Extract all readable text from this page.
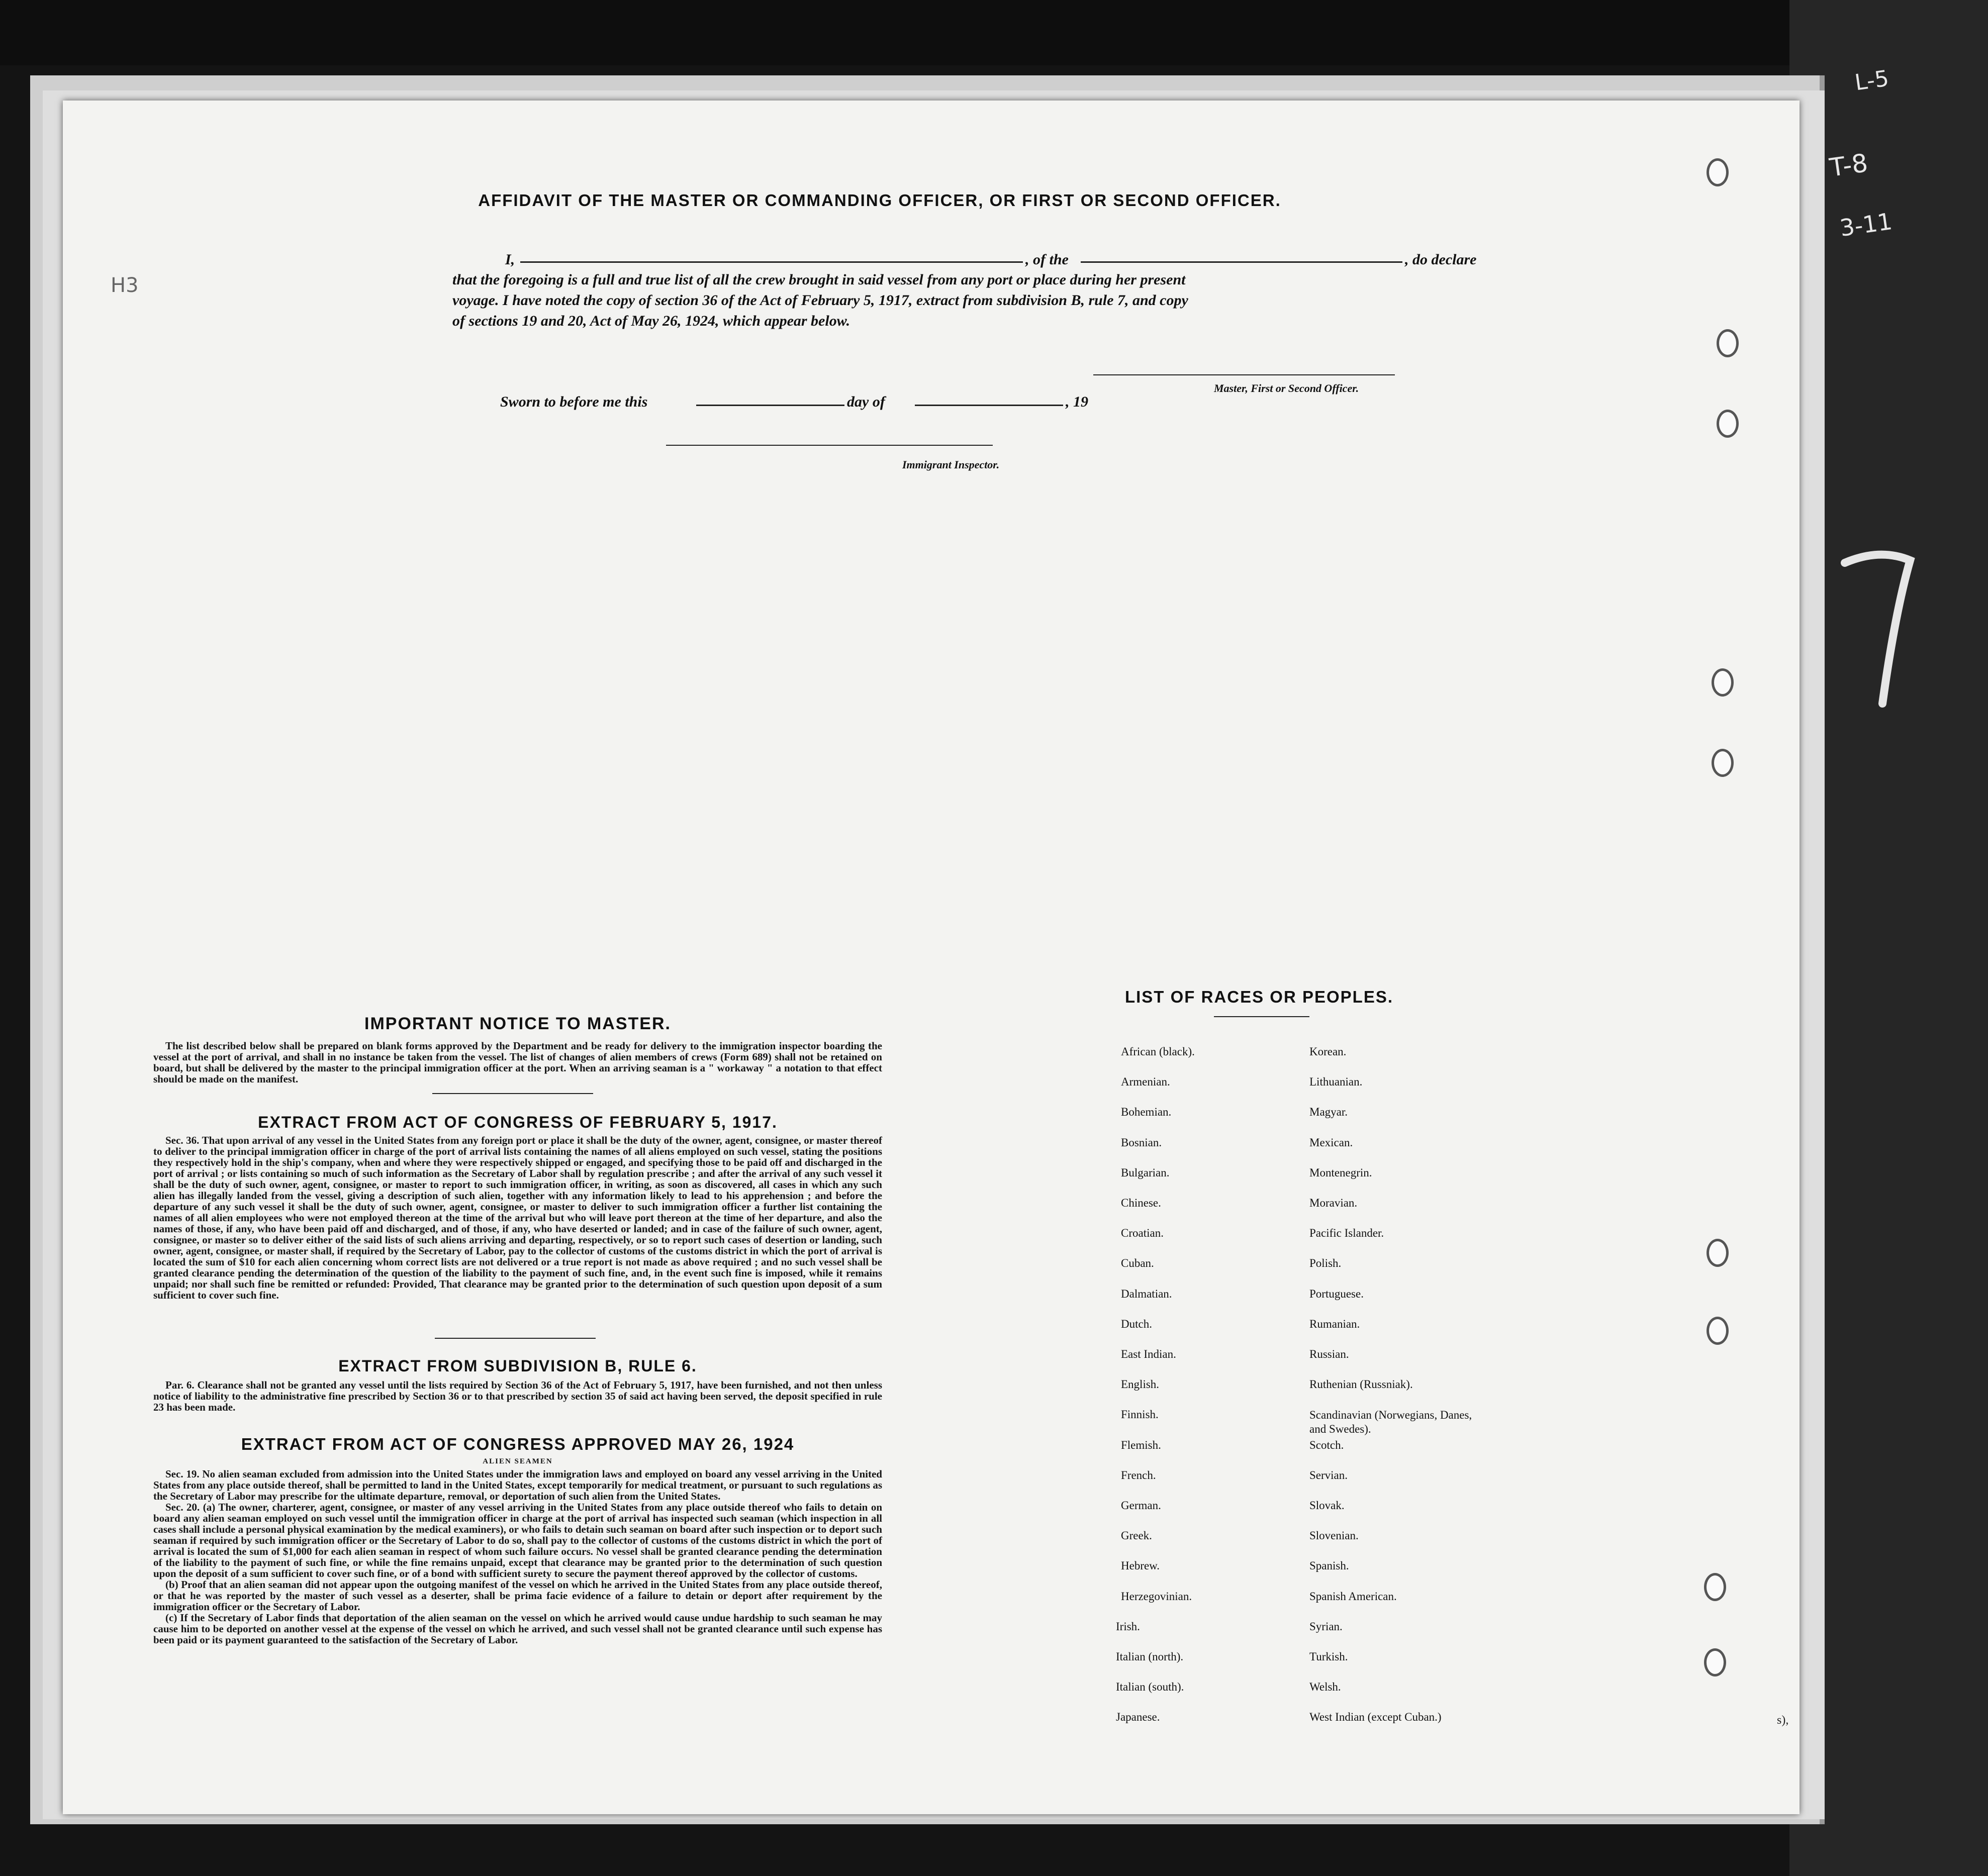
L-5
T-8
3-11
H3
s),
AFFIDAVIT OF THE MASTER OR COMMANDING OFFICER, OR FIRST OR SECOND OFFICER.
I,	, of the	, do declare
that the foregoing is a full and true list of all the crew brought in said vessel from any port or place during her present
voyage. I have noted the copy of section 36 of the Act of February 5, 1917, extract from subdivision B, rule 7, and copy
of sections 19 and 20, Act of May 26, 1924, which appear below.
Master, First or Second Officer.
Sworn to before me this	day of	, 19
Immigrant Inspector.
IMPORTANT NOTICE TO MASTER.

The list described below shall be prepared on blank forms approved by the Department and be ready for delivery to the immigration inspector boarding the vessel at the port of arrival, and shall in no instance be taken from the vessel. The list of changes of alien members of crews (Form 689) shall not be retained on board, but shall be delivered by the master to the principal immigration officer at the port. When an arriving seaman is a " workaway " a notation to that effect should be made on the manifest.

EXTRACT FROM ACT OF CONGRESS OF FEBRUARY 5, 1917.

Sec. 36. That upon arrival of any vessel in the United States from any foreign port or place it shall be the duty of the owner, agent, consignee, or master thereof to deliver to the principal immigration officer in charge of the port of arrival lists containing the names of all aliens employed on such vessel, stating the positions they respectively hold in the ship's company, when and where they were respectively shipped or engaged, and specifying those to be paid off and discharged in the port of arrival ; or lists containing so much of such information as the Secretary of Labor shall by regulation prescribe ; and after the arrival of any such vessel it shall be the duty of such owner, agent, consignee, or master to report to such immigration officer, in writing, as soon as discovered, all cases in which any such alien has illegally landed from the vessel, giving a description of such alien, together with any information likely to lead to his apprehension ; and before the departure of any such vessel it shall be the duty of such owner, agent, consignee, or master to deliver to such immigration officer a further list containing the names of all alien employees who were not employed thereon at the time of the arrival but who will leave port thereon at the time of her departure, and also the names of those, if any, who have been paid off and discharged, and of those, if any, who have deserted or landed; and in case of the failure of such owner, agent, consignee, or master so to deliver either of the said lists of such aliens arriving and departing, respectively, or so to report such cases of desertion or landing, such owner, agent, consignee, or master shall, if required by the Secretary of Labor, pay to the collector of customs of the customs district in which the port of arrival is located the sum of $10 for each alien concerning whom correct lists are not delivered or a true report is not made as above required ; and no such vessel shall be granted clearance pending the determination of the question of the liability to the payment of such fine, and, in the event such fine is imposed, while it remains unpaid; nor shall such fine be remitted or refunded: Provided, That clearance may be granted prior to the determination of such question upon deposit of a sum sufficient to cover such fine.

EXTRACT FROM SUBDIVISION B, RULE 6.

Par. 6. Clearance shall not be granted any vessel until the lists required by Section 36 of the Act of February 5, 1917, have been furnished, and not then unless notice of liability to the administrative fine prescribed by Section 36 or to that prescribed by section 35 of said act having been served, the deposit specified in rule 23 has been made.

EXTRACT FROM ACT OF CONGRESS APPROVED MAY 26, 1924
ALIEN SEAMEN

Sec. 19. No alien seaman excluded from admission into the United States under the immigration laws and employed on board any vessel arriving in the United States from any place outside thereof, shall be permitted to land in the United States, except temporarily for medical treatment, or pursuant to such regulations as the Secretary of Labor may prescribe for the ultimate departure, removal, or deportation of such alien from the United States.

Sec. 20. (a) The owner, charterer, agent, consignee, or master of any vessel arriving in the United States from any place outside thereof who fails to detain on board any alien seaman employed on such vessel until the immigration officer in charge at the port of arrival has inspected such seaman (which inspection in all cases shall include a personal physical examination by the medical examiners), or who fails to detain such seaman on board after such inspection or to deport such seaman if required by such immigration officer or the Secretary of Labor to do so, shall pay to the collector of customs of the customs district in which the port of arrival is located the sum of $1,000 for each alien seaman in respect of whom such failure occurs. No vessel shall be granted clearance pending the determination of the liability to the payment of such fine, or while the fine remains unpaid, except that clearance may be granted prior to the determination of such question upon the deposit of a sum sufficient to cover such fine, or of a bond with sufficient surety to secure the payment thereof approved by the collector of customs.

(b) Proof that an alien seaman did not appear upon the outgoing manifest of the vessel on which he arrived in the United States from any place outside thereof, or that he was reported by the master of such vessel as a deserter, shall be prima facie evidence of a failure to detain or deport after requirement by the immigration officer or the Secretary of Labor.

(c) If the Secretary of Labor finds that deportation of the alien seaman on the vessel on which he arrived would cause undue hardship to such seaman he may cause him to be deported on another vessel at the expense of the vessel on which he arrived, and such vessel shall not be granted clearance until such expense has been paid or its payment guaranteed to the satisfaction of the Secretary of Labor.

LIST OF RACES OR PEOPLES.
African (black).
Armenian.
Bohemian.
Bosnian.
Bulgarian.
Chinese.
Croatian.
Cuban.
Dalmatian.
Dutch.
East Indian.
English.
Finnish.
Flemish.
French.
German.
Greek.
Hebrew.
Herzegovinian.
Irish.
Italian (north).
Italian (south).
Japanese.
Korean.
Lithuanian.
Magyar.
Mexican.
Montenegrin.
Moravian.
Pacific Islander.
Polish.
Portuguese.
Rumanian.
Russian.
Ruthenian (Russniak).
Scandinavian (Norwegians, Danes, and Swedes).
Scotch.
Servian.
Slovak.
Slovenian.
Spanish.
Spanish American.
Syrian.
Turkish.
Welsh.
West Indian (except Cuban.)
